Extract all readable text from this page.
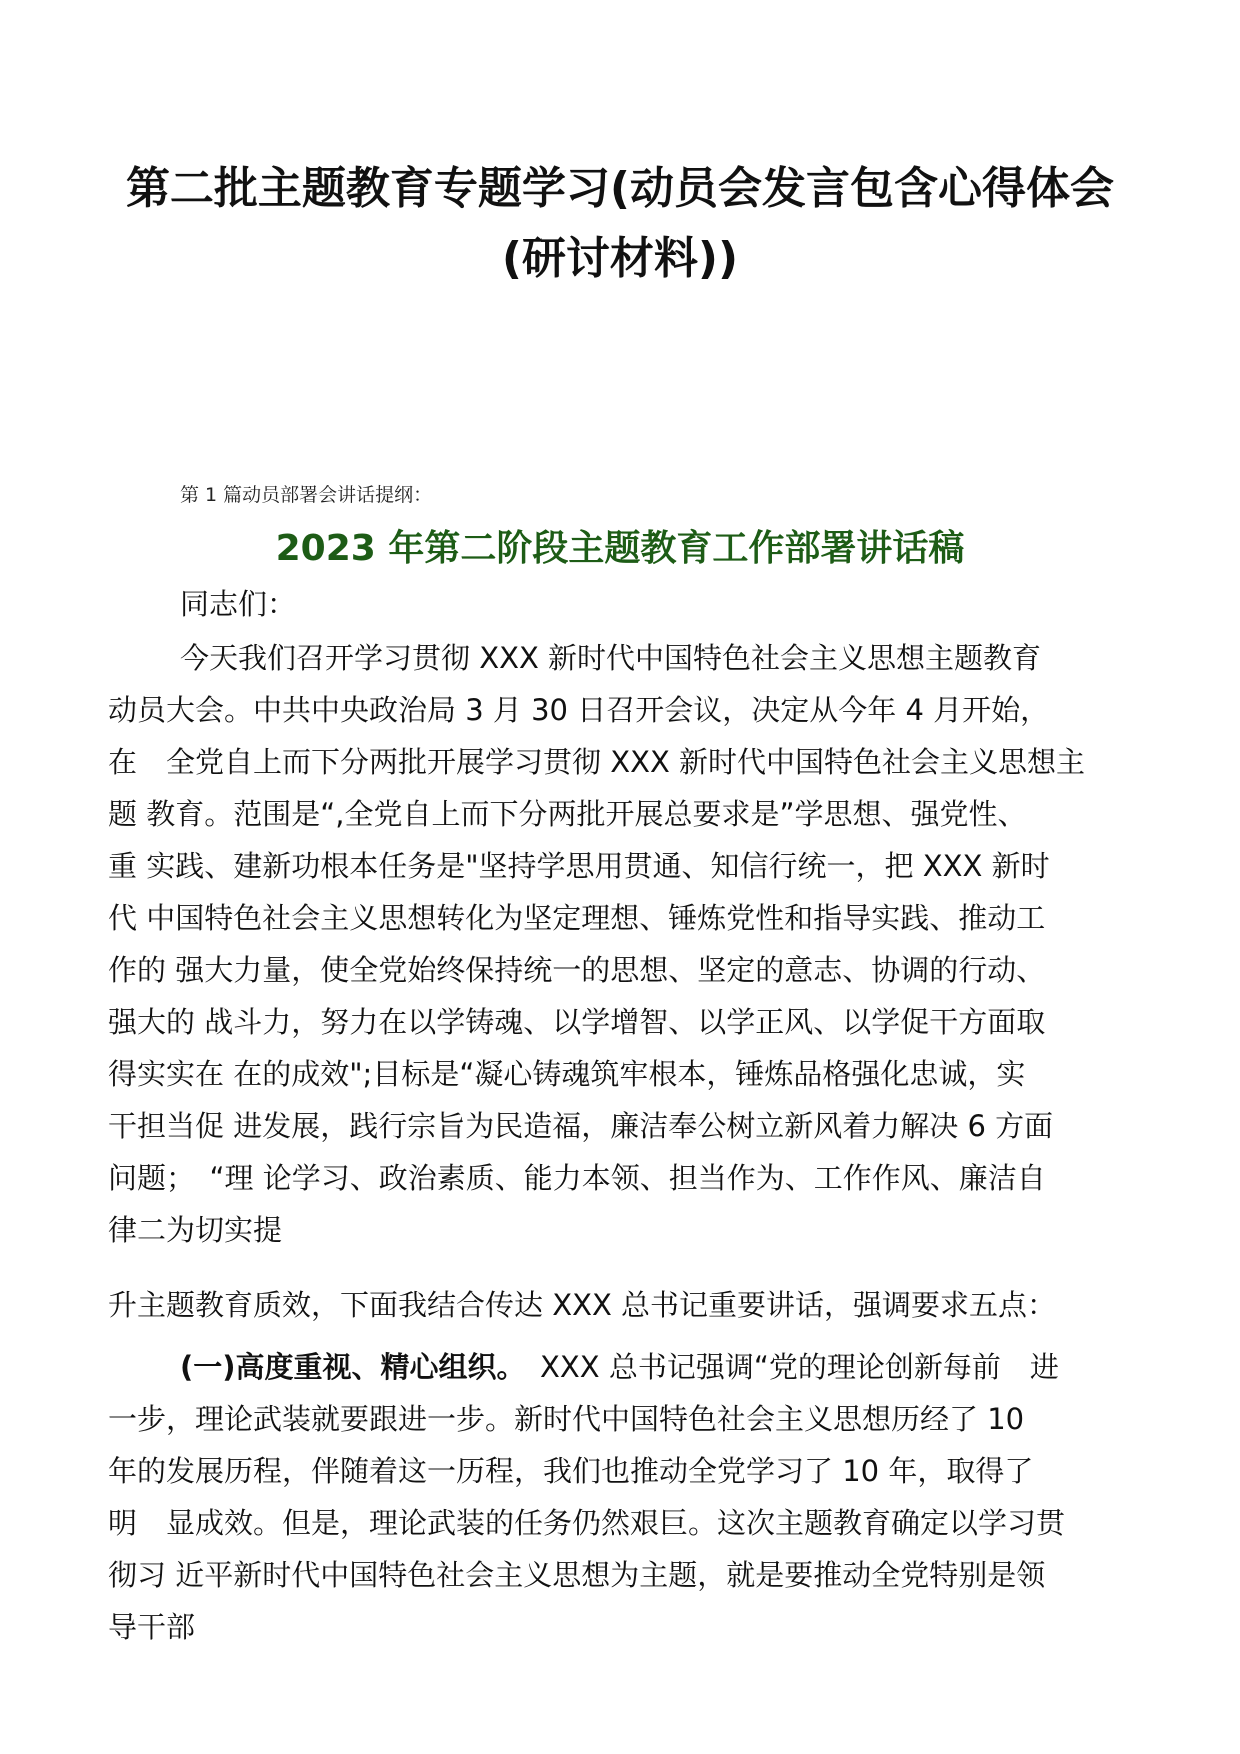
第二批主题教育专题学习(动员会发言包含心得体会
(研讨材料))
第 1 篇动员部署会讲话提纲：
2023 年第二阶段主题教育工作部署讲话稿
同志们：

今天我们召开学习贯彻 XXX 新时代中国特色社会主义思想主题教育

动员大会。中共中央政治局 3 月 30 日召开会议，决定从今年 4 月开始，

在　全党自上而下分两批开展学习贯彻 XXX 新时代中国特色社会主义思想主

题 教育。范围是“,全党自上而下分两批开展总要求是”学思想、强党性、

重 实践、建新功根本任务是"坚持学思用贯通、知信行统一，把 XXX 新时

代 中国特色社会主义思想转化为坚定理想、锤炼党性和指导实践、推动工

作的 强大力量，使全党始终保持统一的思想、坚定的意志、协调的行动、

强大的 战斗力，努力在以学铸魂、以学增智、以学正风、以学促干方面取

得实实在 在的成效";目标是“凝心铸魂筑牢根本，锤炼品格强化忠诚，实

干担当促 进发展，践行宗旨为民造福，廉洁奉公树立新风着力解决 6 方面

问题；　“理 论学习、政治素质、能力本领、担当作为、工作作风、廉洁自

律二为切实提

升主题教育质效，下面我结合传达 XXX 总书记重要讲话，强调要求五点：

(一)高度重视、精心组织。　 XXX 总书记强调“党的理论创新每前　进

一步，理论武装就要跟进一步。新时代中国特色社会主义思想历经了 10

年的发展历程，伴随着这一历程，我们也推动全党学习了 10 年，取得了

明　显成效。但是，理论武装的任务仍然艰巨。这次主题教育确定以学习贯

彻习 近平新时代中国特色社会主义思想为主题，就是要推动全党特别是领

导干部
